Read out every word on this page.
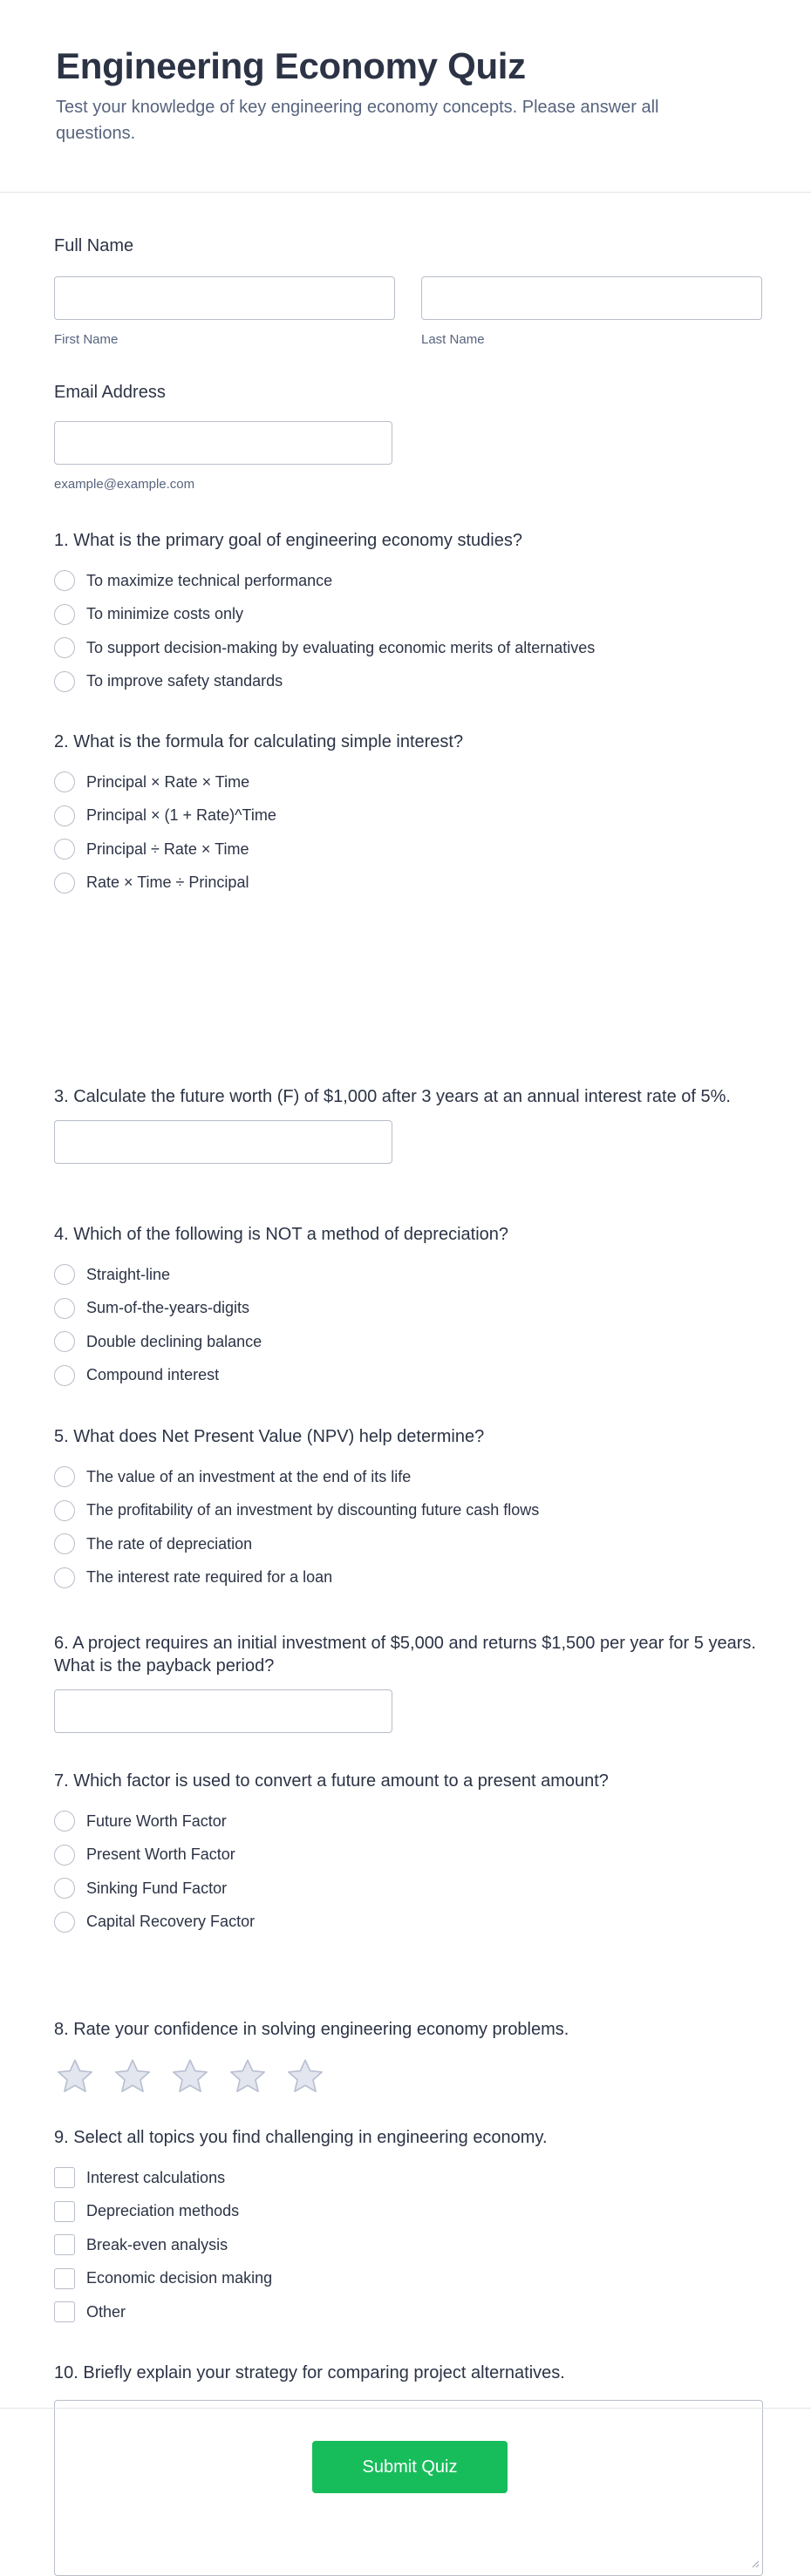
Engineering Economy Quiz

Test your knowledge of key engineering economy concepts. Please answer all questions.

Full Name
First Name	Last Name
Email Address
example@example.com
1. What is the primary goal of engineering economy studies?
To maximize technical performance
To minimize costs only
To support decision-making by evaluating economic merits of alternatives
To improve safety standards
2. What is the formula for calculating simple interest?
Principal × Rate × Time
Principal × (1 + Rate)^Time
Principal ÷ Rate × Time
Rate × Time ÷ Principal
3. Calculate the future worth (F) of $1,000 after 3 years at an annual interest rate of 5%.
4. Which of the following is NOT a method of depreciation?
Straight-line
Sum-of-the-years-digits
Double declining balance
Compound interest
5. What does Net Present Value (NPV) help determine?
The value of an investment at the end of its life
The profitability of an investment by discounting future cash flows
The rate of depreciation
The interest rate required for a loan
6. A project requires an initial investment of $5,000 and returns $1,500 per year for 5 years. What is the payback period?
7. Which factor is used to convert a future amount to a present amount?
Future Worth Factor
Present Worth Factor
Sinking Fund Factor
Capital Recovery Factor
8. Rate your confidence in solving engineering economy problems.
9. Select all topics you find challenging in engineering economy.
Interest calculations
Depreciation methods
Break-even analysis
Economic decision making
Other
10. Briefly explain your strategy for comparing project alternatives.
Submit Quiz
